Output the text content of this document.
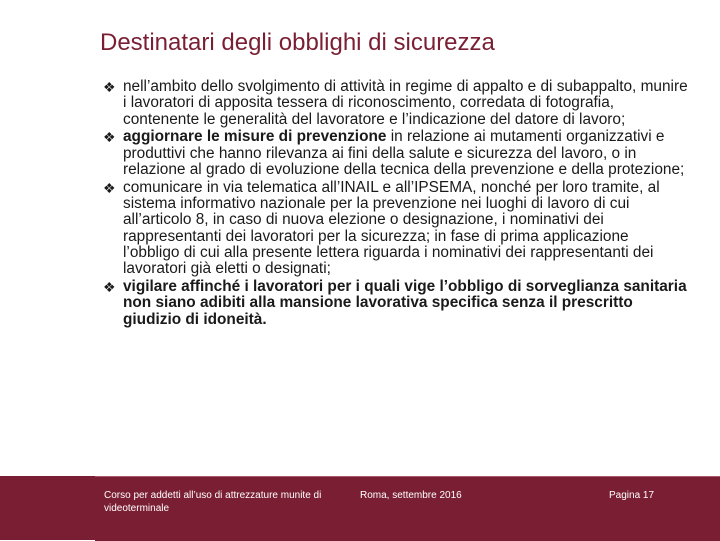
Destinatari degli obblighi di sicurezza
❖ nell’ambito dello svolgimento di attività in regime di appalto e di subappalto, munire i lavoratori di apposita tessera di riconoscimento, corredata di fotografia, contenente le generalità del lavoratore e l’indicazione del datore di lavoro;
❖ aggiornare le misure di prevenzione in relazione ai mutamenti organizzativi e produttivi che hanno rilevanza ai fini della salute e sicurezza del lavoro, o in relazione al grado di evoluzione della tecnica della prevenzione e della protezione;
❖ comunicare in via telematica all’INAIL e all’IPSEMA, nonché per loro tramite, al sistema informativo nazionale per la prevenzione nei luoghi di lavoro di cui all’articolo 8, in caso di nuova elezione o designazione, i nominativi dei rappresentanti dei lavoratori per la sicurezza; in fase di prima applicazione l’obbligo di cui alla presente lettera riguarda i nominativi dei rappresentanti dei lavoratori già eletti o designati;
❖ vigilare affinché i lavoratori per i quali vige l’obbligo di sorveglianza sanitaria non siano adibiti alla mansione lavorativa specifica senza il prescritto giudizio di idoneità.
Corso per addetti all’uso di attrezzature munite di videoterminale
Roma, settembre 2016	Pagina 17
